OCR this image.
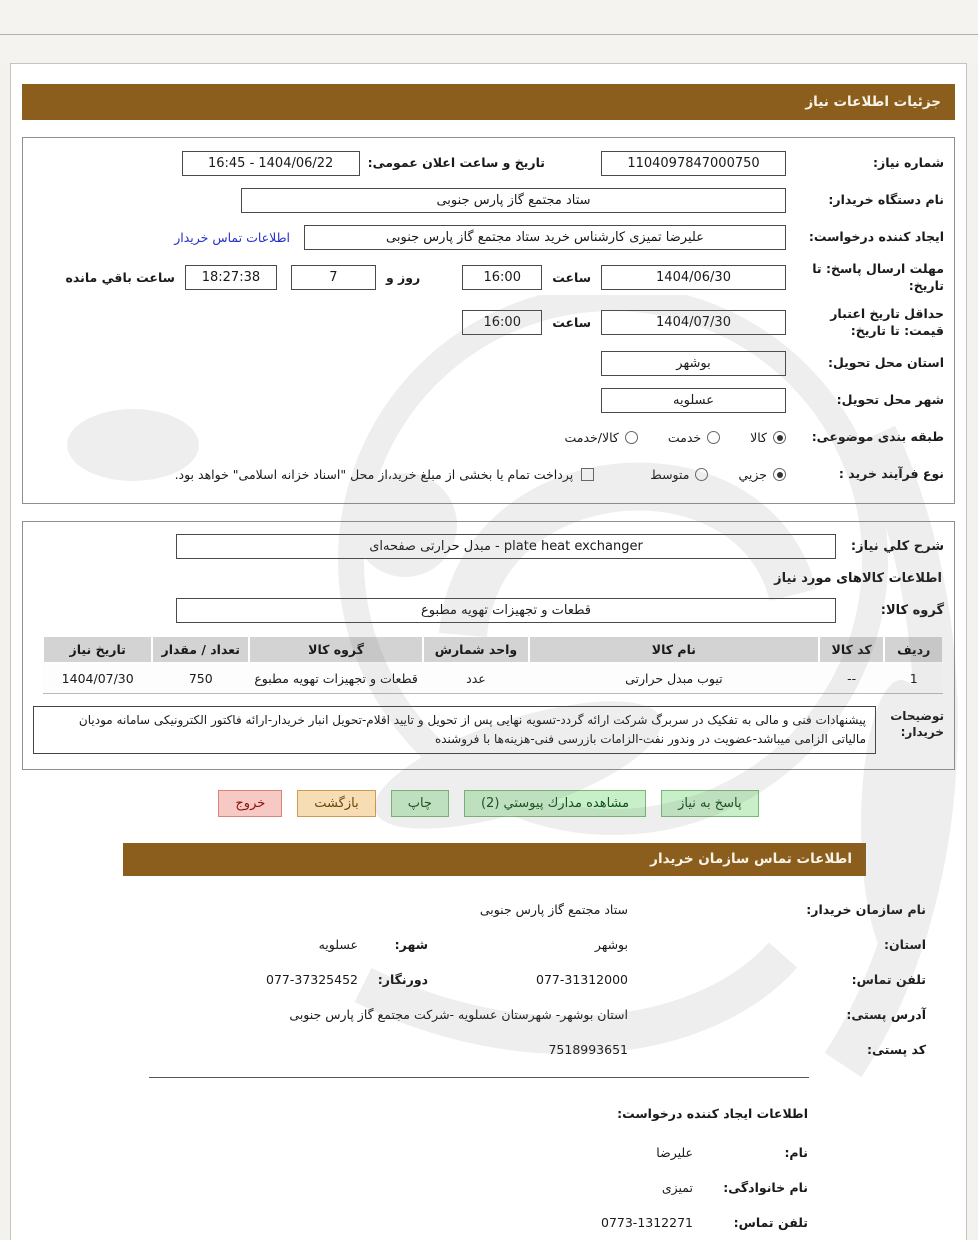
جزئیات اطلاعات نیاز
شماره نیاز:
1104097847000750
تاریخ و ساعت اعلان عمومی:
16:45 - 1404/06/22
نام دستگاه خریدار:
ستاد مجتمع گاز پارس جنوبی
ایجاد کننده درخواست:
علیرضا تمیزی کارشناس خرید ستاد مجتمع گاز پارس جنوبی
اطلاعات تماس خریدار
مهلت ارسال پاسخ: تا تاریخ:
1404/06/30
ساعت
16:00
روز و
7
18:27:38
ساعت باقي مانده
حداقل تاریخ اعتبار قیمت: تا تاریخ:
1404/07/30
ساعت
16:00
استان محل تحویل:
بوشهر
شهر محل تحویل:
عسلویه
طبقه بندی موضوعی:
کالا
خدمت
کالا/خدمت
نوع فرآیند خرید :
جزيي
متوسط
پرداخت تمام یا بخشی از مبلغ خرید،از محل "اسناد خزانه اسلامی" خواهد بود.
شرح كلي نياز:
plate heat exchanger - مبدل حرارتی صفحه‌ای
اطلاعات کالاهای مورد نیاز
گروه کالا:
قطعات و تجهیزات تهویه مطبوع
ردیف	کد کالا	نام کالا	واحد شمارش	گروه کالا	تعداد / مقدار	تاریخ نیاز
1	--	تیوب مبدل حرارتی	عدد	قطعات و تجهیزات تهویه مطبوع	750	1404/07/30
توضیحات خریدار:
پیشنهادات فنی و مالی به تفکیک در سربرگ شرکت ارائه گردد-تسویه نهایی پس از تحویل و تایید اقلام-تحویل انبار خریدار-ارائه فاکتور الکترونیکی سامانه مودیان مالیاتی الزامی میباشد-عضویت در وندور نفت-الزامات بازرسی فنی-هزینه‌ها با فروشنده
پاسخ به نیاز
مشاهده مدارك پیوستي (2)
چاپ
بازگشت
خروج
اطلاعات تماس سازمان خریدار
نام سازمان خریدار:
ستاد مجتمع گاز پارس جنوبی
استان:
بوشهر
شهر:
عسلویه
تلفن تماس:
077-31312000
دورنگار:
077-37325452
آدرس پستی:
استان بوشهر- شهرستان عسلویه -شرکت مجتمع گاز پارس جنوبی
کد پستی:
7518993651
اطلاعات ایجاد کننده درخواست:
نام:
علیرضا
نام خانوادگی:
تمیزی
تلفن تماس:
0773-1312271
